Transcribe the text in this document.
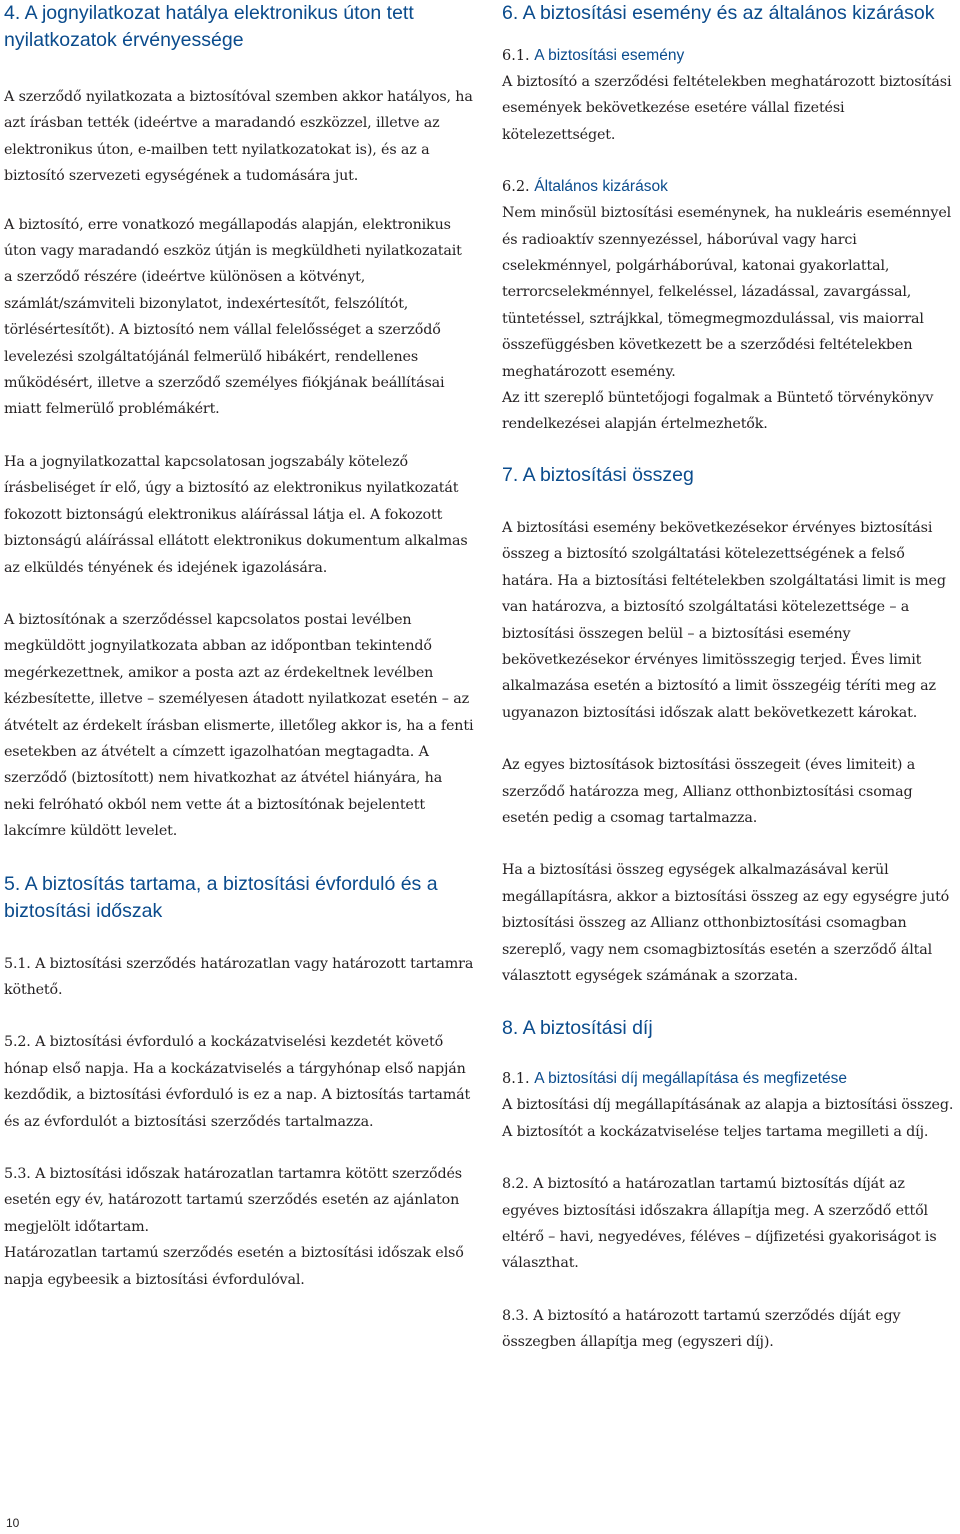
4. A jognyilatkozat hatálya elektronikus úton tett nyilatkozatok érvényessége

A szerződő nyilatkozata a biztosítóval szemben akkor hatályos, ha azt írásban tették (ideértve a maradandó eszközzel, illetve az elektronikus úton, e-mailben tett nyilatkozatokat is), és az a biztosító szervezeti egységének a tudomására jut.

A biztosító, erre vonatkozó megállapodás alapján, elektronikus úton vagy maradandó eszköz útján is megküldheti nyilatkozatait a szerződő részére (ideértve különösen a kötvényt, számlát/számviteli bizonylatot, indexértesítőt, felszólítót, törlésértesítőt). A biztosító nem vállal felelősséget a szerződő levelezési szolgáltatójánál felmerülő hibákért, rendellenes működésért, illetve a szerződő személyes fiókjának beállításai miatt felmerülő problémákért.

Ha a jognyilatkozattal kapcsolatosan jogszabály kötelező írásbeliséget ír elő, úgy a biztosító az elektronikus nyilatkozatát fokozott biztonságú elektronikus aláírással látja el. A fokozott biztonságú aláírással ellátott elektronikus dokumentum alkalmas az elküldés tényének és idejének igazolására.

A biztosítónak a szerződéssel kapcsolatos postai levélben megküldött jognyilatkozata abban az időpontban tekintendő megérkezettnek, amikor a posta azt az érdekeltnek levélben kézbesítette, illetve – személyesen átadott nyilatkozat esetén – az átvételt az érdekelt írásban elismerte, illetőleg akkor is, ha a fenti esetekben az átvételt a címzett igazolhatóan megtagadta. A szerződő (biztosított) nem hivatkozhat az átvétel hiányára, ha neki felróható okból nem vette át a biztosítónak bejelentett lakcímre küldött levelet.

5. A biztosítás tartama, a biztosítási évforduló és a biztosítási időszak

5.1. A biztosítási szerződés határozatlan vagy határozott tartamra köthető.

5.2. A biztosítási évforduló a kockázatviselési kezdetét követő hónap első napja. Ha a kockázatviselés a tárgyhónap első napján kezdődik, a biztosítási évforduló is ez a nap. A biztosítás tartamát és az évfordulót a biztosítási szerződés tartalmazza.

5.3. A biztosítási időszak határozatlan tartamra kötött szerződés esetén egy év, határozott tartamú szerződés esetén az ajánlaton megjelölt időtartam.

Határozatlan tartamú szerződés esetén a biztosítási időszak első napja egybeesik a biztosítási évfordulóval.

6. A biztosítási esemény és az általános kizárások
6.1. A biztosítási esemény

A biztosító a szerződési feltételekben meghatározott biztosítási események bekövetkezése esetére vállal fizetési kötelezettséget.

6.2. Általános kizárások

Nem minősül biztosítási eseménynek, ha nukleáris eseménnyel és radioaktív szennyezéssel, háborúval vagy harci cselekménnyel, polgárháborúval, katonai gyakorlattal, terrorcselekménnyel, felkeléssel, lázadással, zavargással, tüntetéssel, sztrájkkal, tömegmegmozdulással, vis maiorral összefüggésben következett be a szerződési feltételekben meghatározott esemény.

Az itt szereplő büntetőjogi fogalmak a Büntető törvénykönyv rendelkezései alapján értelmezhetők.

7. A biztosítási összeg

A biztosítási esemény bekövetkezésekor érvényes biztosítási összeg a biztosító szolgáltatási kötelezettségének a felső határa. Ha a biztosítási feltételekben szolgáltatási limit is meg van határozva, a biztosító szolgáltatási kötelezettsége – a biztosítási összegen belül – a biztosítási esemény bekövetkezésekor érvényes limitösszegig terjed. Éves limit alkalmazása esetén a biztosító a limit összegéig téríti meg az ugyanazon biztosítási időszak alatt bekövetkezett károkat.

Az egyes biztosítások biztosítási összegeit (éves limiteit) a szerződő határozza meg, Allianz otthonbiztosítási csomag esetén pedig a csomag tartalmazza.

Ha a biztosítási összeg egységek alkalmazásával kerül megállapításra, akkor a biztosítási összeg az egy egységre jutó biztosítási összeg az Allianz otthonbiztosítási csomagban szereplő, vagy nem csomagbiztosítás esetén a szerződő által választott egységek számának a szorzata.

8. A biztosítási díj
8.1. A biztosítási díj megállapítása és megfizetése

A biztosítási díj megállapításának az alapja a biztosítási összeg. A biztosítót a kockázatviselése teljes tartama megilleti a díj.

8.2. A biztosító a határozatlan tartamú biztosítás díját az egyéves biztosítási időszakra állapítja meg. A szerződő ettől eltérő – havi, negyedéves, féléves – díjfizetési gyakoriságot is választhat.

8.3. A biztosító a határozott tartamú szerződés díját egy összegben állapítja meg (egyszeri díj).

10
